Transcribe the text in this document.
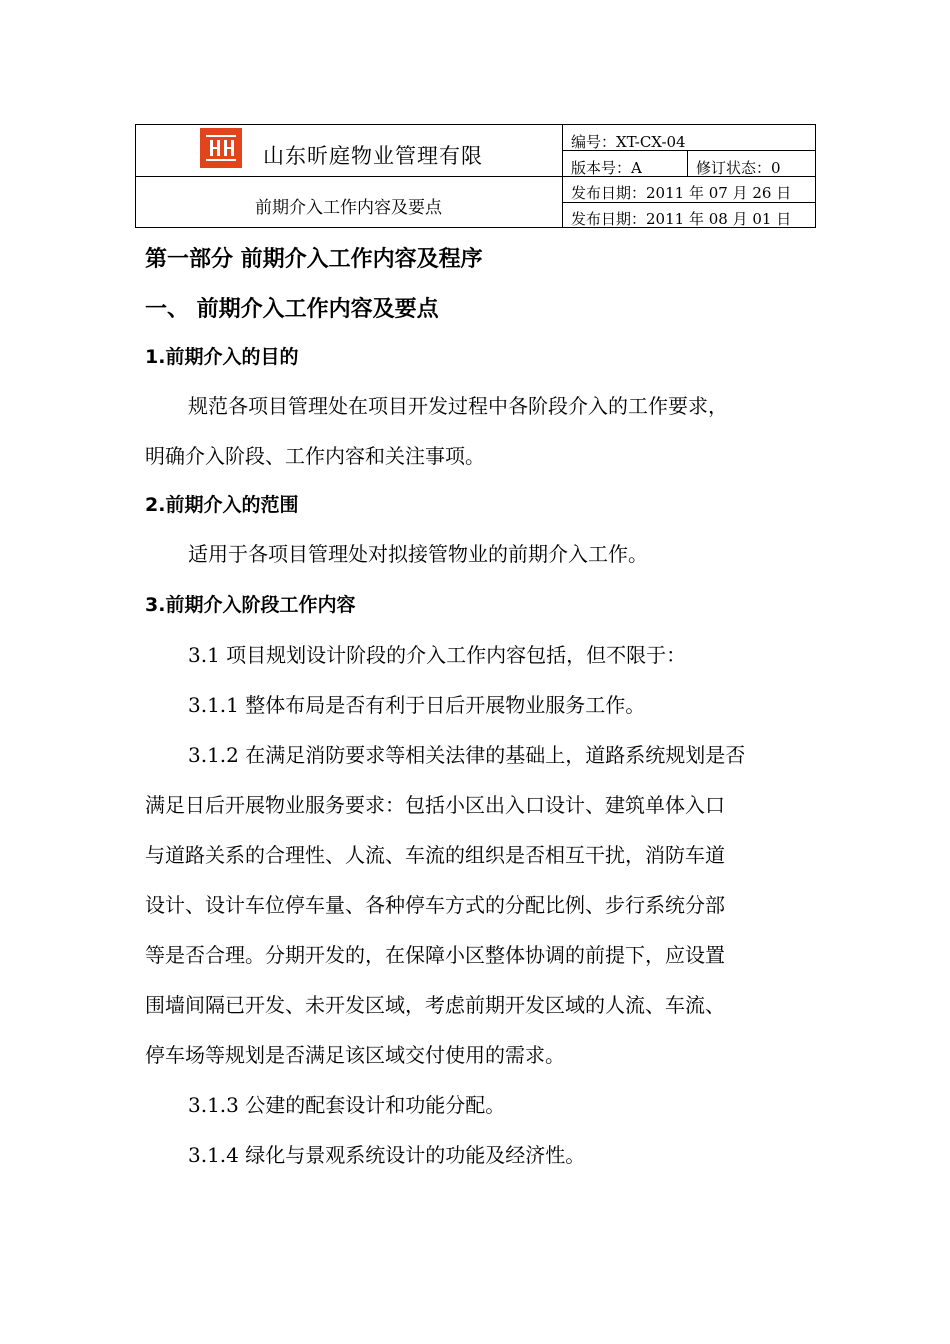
山东昕庭物业管理有限
前期介入工作内容及要点
编号：XT-CX-04
版本号：A	修订状态：0
发布日期：2011 年 07 月 26 日
发布日期：2011 年 08 月 01 日
第一部分 前期介入工作内容及程序
一、 前期介入工作内容及要点
1.前期介入的目的
规范各项目管理处在项目开发过程中各阶段介入的工作要求，
明确介入阶段、工作内容和关注事项。
2.前期介入的范围
适用于各项目管理处对拟接管物业的前期介入工作。
3.前期介入阶段工作内容
3.1 项目规划设计阶段的介入工作内容包括，但不限于：
3.1.1 整体布局是否有利于日后开展物业服务工作。
3.1.2 在满足消防要求等相关法律的基础上，道路系统规划是否
满足日后开展物业服务要求：包括小区出入口设计、建筑单体入口
与道路关系的合理性、人流、车流的组织是否相互干扰，消防车道
设计、设计车位停车量、各种停车方式的分配比例、步行系统分部
等是否合理。分期开发的，在保障小区整体协调的前提下，应设置
围墙间隔已开发、未开发区域，考虑前期开发区域的人流、车流、
停车场等规划是否满足该区域交付使用的需求。
3.1.3 公建的配套设计和功能分配。
3.1.4 绿化与景观系统设计的功能及经济性。
